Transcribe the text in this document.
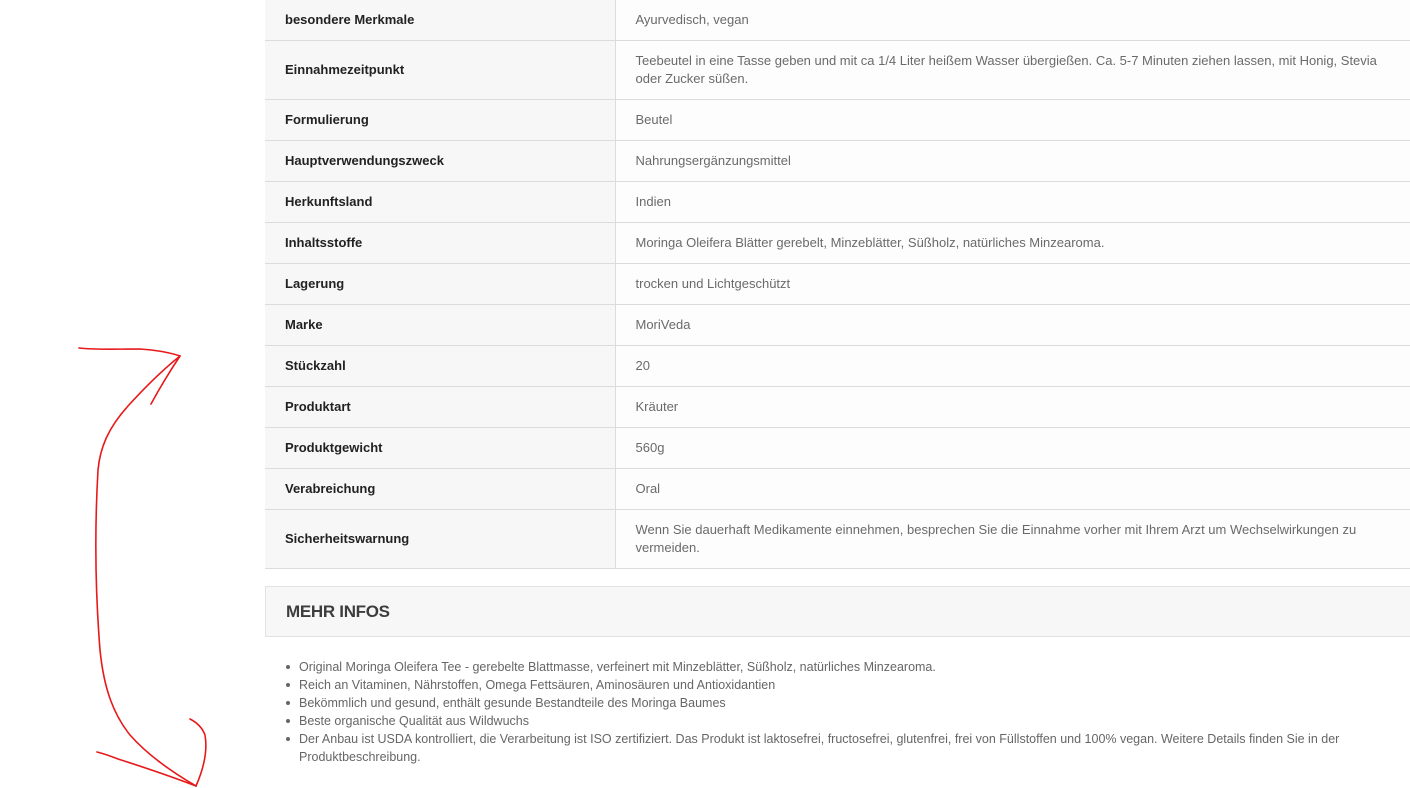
besondere Merkmale	Ayurvedisch, vegan
Einnahmezeitpunkt	Teebeutel in eine Tasse geben und mit ca 1/4 Liter heißem Wasser übergießen. Ca. 5-7 Minuten ziehen lassen, mit Honig, Stevia oder Zucker süßen.
Formulierung	Beutel
Hauptverwendungszweck	Nahrungsergänzungsmittel
Herkunftsland	Indien
Inhaltsstoffe	Moringa Oleifera Blätter gerebelt, Minzeblätter, Süßholz, natürliches Minzearoma.
Lagerung	trocken und Lichtgeschützt
Marke	MoriVeda
Stückzahl	20
Produktart	Kräuter
Produktgewicht	560g
Verabreichung	Oral
Sicherheitswarnung	Wenn Sie dauerhaft Medikamente einnehmen, besprechen Sie die Einnahme vorher mit Ihrem Arzt um Wechselwirkungen zu vermeiden.
MEHR INFOS
Original Moringa Oleifera Tee - gerebelte Blattmasse, verfeinert mit Minzeblätter, Süßholz, natürliches Minzearoma.
Reich an Vitaminen, Nährstoffen, Omega Fettsäuren, Aminosäuren und Antioxidantien
Bekömmlich und gesund, enthält gesunde Bestandteile des Moringa Baumes
Beste organische Qualität aus Wildwuchs
Der Anbau ist USDA kontrolliert, die Verarbeitung ist ISO zertifiziert. Das Produkt ist laktosefrei, fructosefrei, glutenfrei, frei von Füllstoffen und 100% vegan. Weitere Details finden Sie in der Produktbeschreibung.
